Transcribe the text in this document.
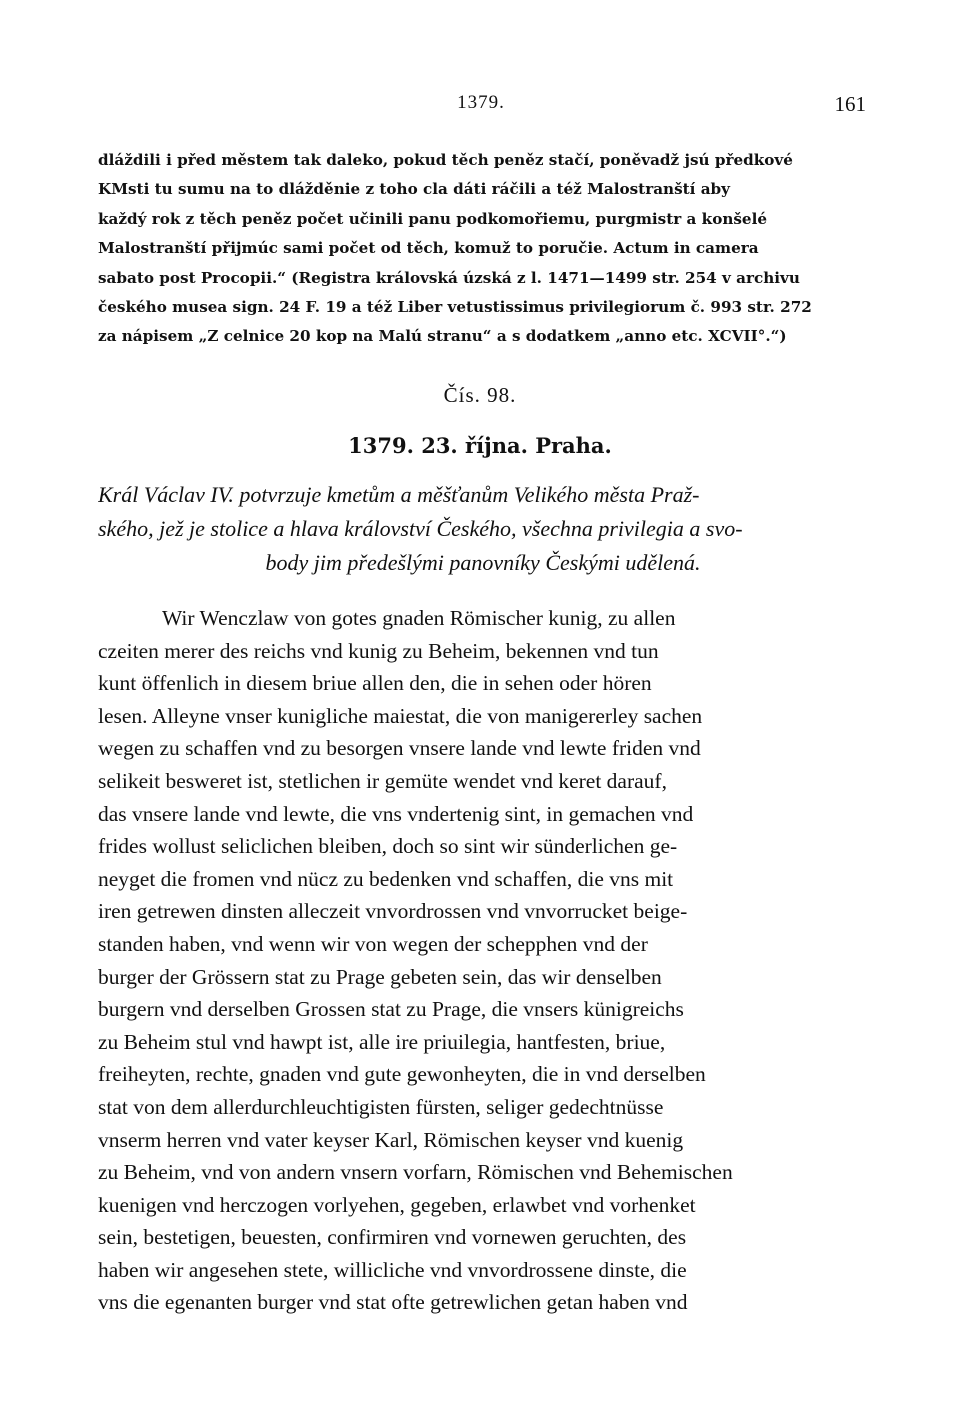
1379.	161
dláždili i před městem tak daleko, pokud těch peněz stačí, poněvadž jsú předkové
KMsti tu sumu na to dlážděnie z toho cla dáti ráčili a též Malostranští aby
každý rok z těch peněz počet učinili panu podkomořiemu, purgmistr a konšelé
Malostranští přijmúc sami počet od těch, komuž to poručie. Actum in camera
sabato post Procopii.“ (Registra královská úzská z l. 1471—1499 str. 254 v archivu
českého musea sign. 24 F. 19 a též Liber vetustissimus privilegiorum č. 993 str. 272
za nápisem „Z celnice 20 kop na Malú stranu“ a s dodatkem „anno etc. XCVII°.“)
Čís. 98.
1379. 23. října. Praha.
Král Václav IV. potvrzuje kmetům a měšťanům Velikého města Praž-
ského, jež je stolice a hlava království Českého, všechna privilegia a svo-
body jim předešlými panovníky Českými udělená.
Wir Wenczlaw von gotes gnaden Römischer kunig, zu allen
czeiten merer des reichs vnd kunig zu Beheim, bekennen vnd tun
kunt öffenlich in diesem briue allen den, die in sehen oder hören
lesen. Alleyne vnser kunigliche maiestat, die von manigererley sachen
wegen zu schaffen vnd zu besorgen vnsere lande vnd lewte friden vnd
selikeit besweret ist, stetlichen ir gemüte wendet vnd keret darauf,
das vnsere lande vnd lewte, die vns vndertenig sint, in gemachen vnd
frides wollust seliclichen bleiben, doch so sint wir sünderlichen ge-
neyget die fromen vnd nücz zu bedenken vnd schaffen, die vns mit
iren getrewen dinsten alleczeit vnvordrossen vnd vnvorrucket beige-
standen haben, vnd wenn wir von wegen der schepphen vnd der
burger der Grössern stat zu Prage gebeten sein, das wir denselben
burgern vnd derselben Grossen stat zu Prage, die vnsers künigreichs
zu Beheim stul vnd hawpt ist, alle ire priuilegia, hantfesten, briue,
freiheyten, rechte, gnaden vnd gute gewonheyten, die in vnd derselben
stat von dem allerdurchleuchtigisten fürsten, seliger gedechtnüsse
vnserm herren vnd vater keyser Karl, Römischen keyser vnd kuenig
zu Beheim, vnd von andern vnsern vorfarn, Römischen vnd Behemischen
kuenigen vnd herczogen vorlyehen, gegeben, erlawbet vnd vorhenket
sein, bestetigen, beuesten, confirmiren vnd vornewen geruchten, des
haben wir angesehen stete, willicliche vnd vnvordrossene dinste, die
vns die egenanten burger vnd stat ofte getrewlichen getan haben vnd
